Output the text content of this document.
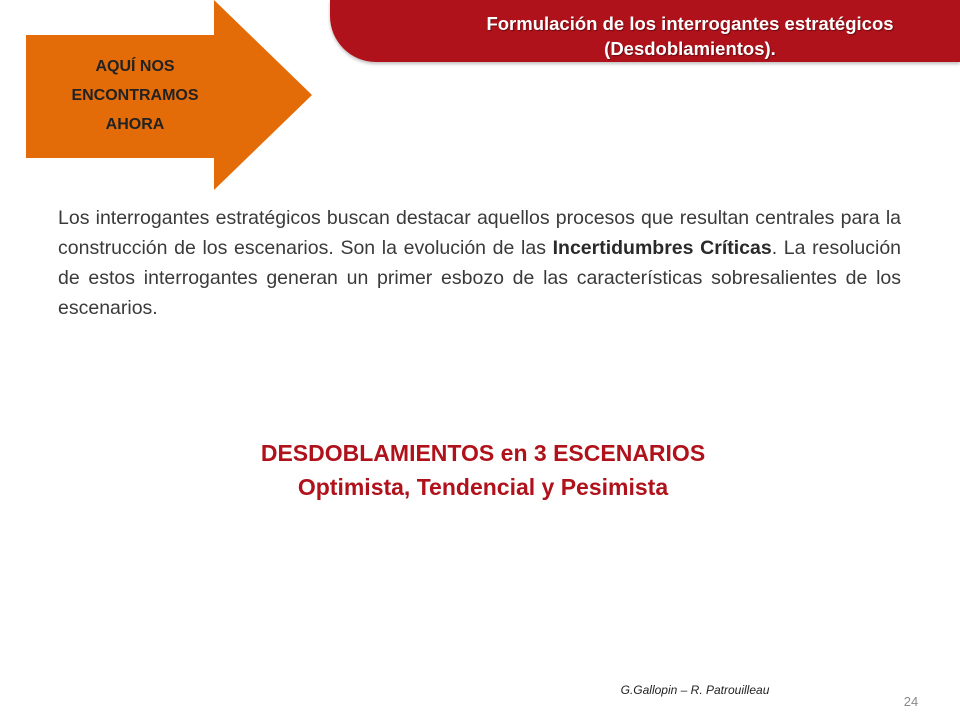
Formulación de los interrogantes estratégicos
(Desdoblamientos).
AQUÍ NOS
ENCONTRAMOS
AHORA

Los interrogantes estratégicos buscan destacar aquellos procesos que resultan centrales para la construcción de los escenarios. Son la evolución de las Incertidumbres Críticas. La resolución de estos interrogantes generan un primer esbozo de las características sobresalientes de los escenarios.

DESDOBLAMIENTOS en 3 ESCENARIOS
Optimista, Tendencial y Pesimista
G.Gallopin – R. Patrouilleau
24
